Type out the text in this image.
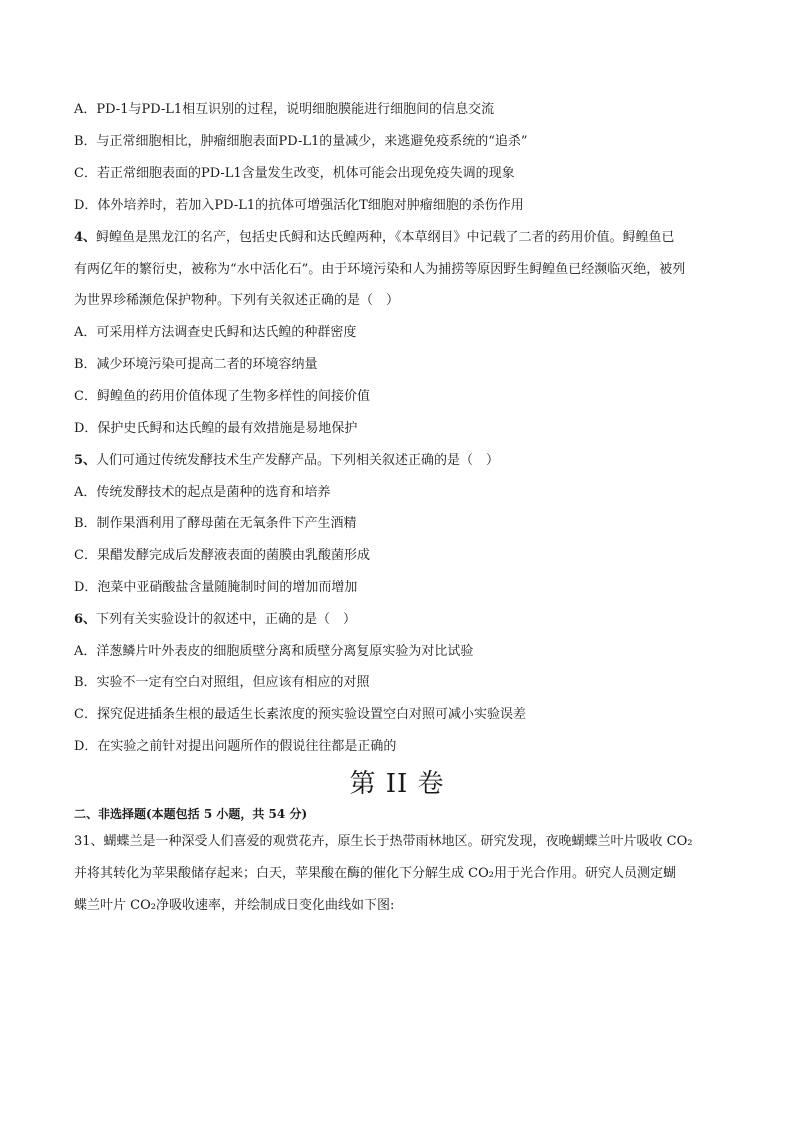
A．PD-1与PD-L1相互识别的过程，说明细胞膜能进行细胞间的信息交流
B．与正常细胞相比，肿瘤细胞表面PD-L1的量减少，来逃避免疫系统的“追杀”
C．若正常细胞表面的PD-L1含量发生改变，机体可能会出现免疫失调的现象
D．体外培养时，若加入PD-L1的抗体可增强活化T细胞对肿瘤细胞的杀伤作用
4、鲟鳇鱼是黑龙江的名产，包括史氏鲟和达氏鳇两种，《本草纲目》中记载了二者的药用价值。鲟鳇鱼已
有两亿年的繁衍史，被称为“水中活化石”。由于环境污染和人为捕捞等原因野生鲟鳇鱼已经濒临灭绝，被列
为世界珍稀濒危保护物种。下列有关叙述正确的是（　）
A．可采用样方法调查史氏鲟和达氏鳇的种群密度
B．减少环境污染可提高二者的环境容纳量
C．鲟鳇鱼的药用价值体现了生物多样性的间接价值
D．保护史氏鲟和达氏鳇的最有效措施是易地保护
5、人们可通过传统发酵技术生产发酵产品。下列相关叙述正确的是（　）
A．传统发酵技术的起点是菌种的选育和培养
B．制作果酒利用了酵母菌在无氧条件下产生酒精
C．果醋发酵完成后发酵液表面的菌膜由乳酸菌形成
D．泡菜中亚硝酸盐含量随腌制时间的增加而增加
6、下列有关实验设计的叙述中，正确的是（　）
A．洋葱鳞片叶外表皮的细胞质壁分离和质壁分离复原实验为对比试验
B．实验不一定有空白对照组，但应该有相应的对照
C．探究促进插条生根的最适生长素浓度的预实验设置空白对照可减小实验误差
D．在实验之前针对提出问题所作的假说往往都是正确的
第 II 卷
二、非选择题(本题包括 5 小题，共 54 分)
31、蝴蝶兰是一种深受人们喜爱的观赏花卉，原生长于热带雨林地区。研究发现，夜晚蝴蝶兰叶片吸收 CO₂
并将其转化为苹果酸储存起来；白天，苹果酸在酶的催化下分解生成 CO₂用于光合作用。研究人员测定蝴
蝶兰叶片 CO₂净吸收速率，并绘制成日变化曲线如下图:
